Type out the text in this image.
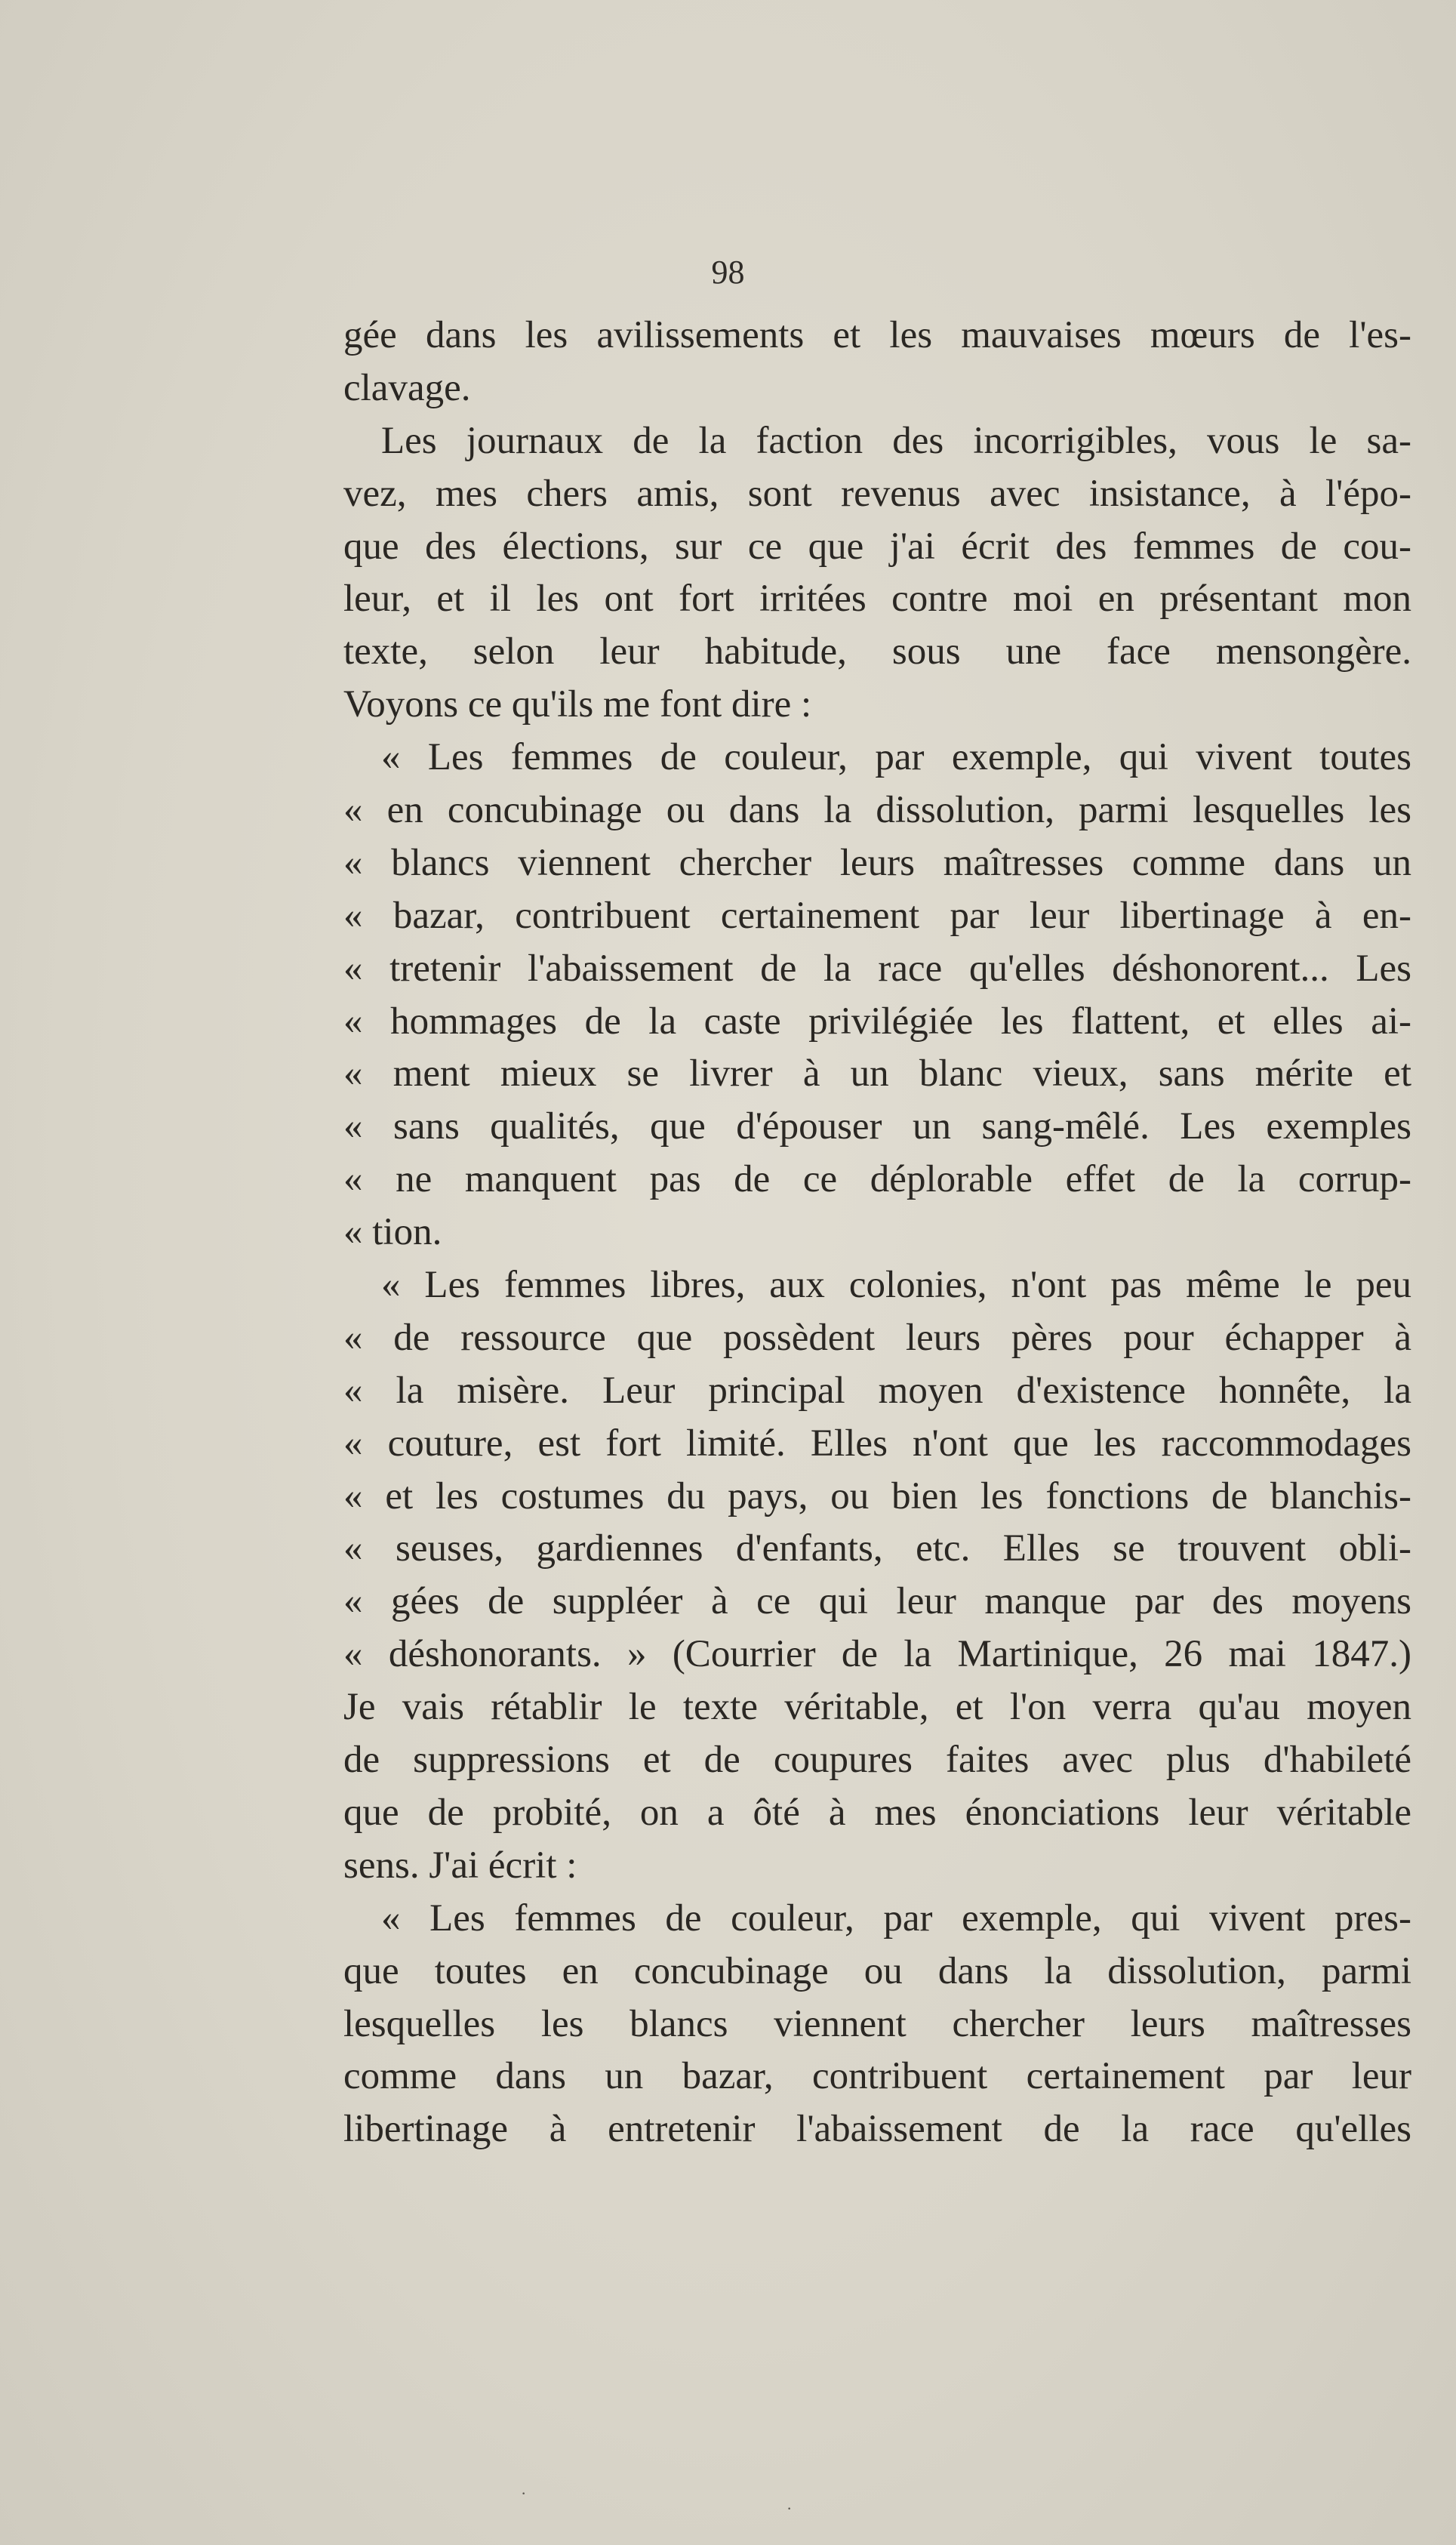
98
gée dans les avilissements et les mauvaises mœurs de l'es-
clavage.
Les journaux de la faction des incorrigibles, vous le sa-
vez, mes chers amis, sont revenus avec insistance, à l'épo-
que des élections, sur ce que j'ai écrit des femmes de cou-
leur, et il les ont fort irritées contre moi en présentant mon
texte, selon leur habitude, sous une face mensongère.
Voyons ce qu'ils me font dire :
« Les femmes de couleur, par exemple, qui vivent toutes
« en concubinage ou dans la dissolution, parmi lesquelles les
« blancs viennent chercher leurs maîtresses comme dans un
« bazar, contribuent certainement par leur libertinage à en-
« tretenir l'abaissement de la race qu'elles déshonorent... Les
« hommages de la caste privilégiée les flattent, et elles ai-
« ment mieux se livrer à un blanc vieux, sans mérite et
« sans qualités, que d'épouser un sang-mêlé. Les exemples
« ne manquent pas de ce déplorable effet de la corrup-
« tion.
« Les femmes libres, aux colonies, n'ont pas même le peu
« de ressource que possèdent leurs pères pour échapper à
« la misère. Leur principal moyen d'existence honnête, la
« couture, est fort limité. Elles n'ont que les raccommodages
« et les costumes du pays, ou bien les fonctions de blanchis-
« seuses, gardiennes d'enfants, etc. Elles se trouvent obli-
« gées de suppléer à ce qui leur manque par des moyens
« déshonorants. » (Courrier de la Martinique, 26 mai 1847.)
Je vais rétablir le texte véritable, et l'on verra qu'au moyen
de suppressions et de coupures faites avec plus d'habileté
que de probité, on a ôté à mes énonciations leur véritable
sens. J'ai écrit :
« Les femmes de couleur, par exemple, qui vivent pres-
que toutes en concubinage ou dans la dissolution, parmi
lesquelles les blancs viennent chercher leurs maîtresses
comme dans un bazar, contribuent certainement par leur
libertinage à entretenir l'abaissement de la race qu'elles
·
·
